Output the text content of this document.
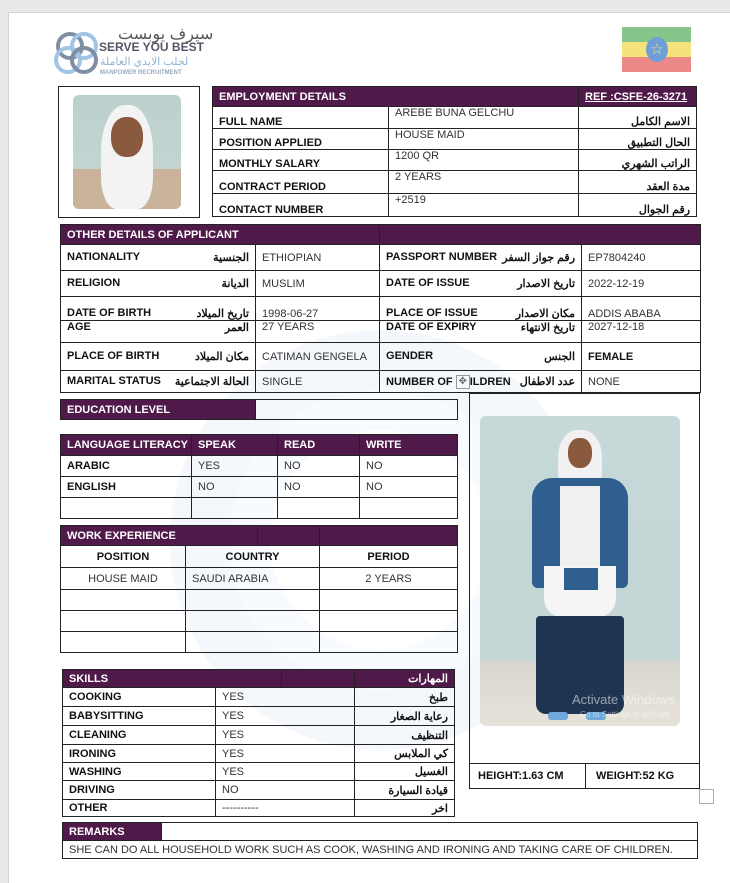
سيرف يوبست
SERVE YOU BEST
لجلب الايدي العاملة
MANPOWER RECRUITMENT
☆
EMPLOYMENT DETAILS		REF :CSFE-26-3271
FULL NAME	AREBE BUNA GELCHU	الاسم الكامل
POSITION APPLIED	HOUSE MAID	الحال التطبيق
MONTHLY SALARY	1200 QR	الراتب الشهري
CONTRACT PERIOD	2 YEARS	مدة العقد
CONTACT NUMBER	+2519	رقم الجوال
OTHER DETAILS OF APPLICANT			
NATIONALITY الجنسية	ETHIOPIAN	PASSPORT NUMBER رقم جواز السفر	EP7804240
RELIGION الديانة	MUSLIM	DATE OF ISSUE تاريخ الاصدار	2022-12-19
DATE OF BIRTH تاريخ الميلاد	1998-06-27	PLACE OF ISSUE مكان الاصدار	ADDIS ABABA
AGE العمر	27 YEARS	DATE OF EXPIRY تاريخ الانتهاء	2027-12-18
PLACE OF BIRTH مكان الميلاد	CATIMAN GENGELA	GENDER الجنس	FEMALE
MARITAL STATUS الحالة الاجتماعية	SINGLE	NUMBER OF ✥ ILDREN عدد الاطفال	NONE
EDUCATION LEVEL	
LANGUAGE LITERACY	SPEAK	READ	WRITE
ARABIC	YES	NO	NO
ENGLISH	NO	NO	NO

WORK EXPERIENCE	

POSITION	COUNTRY	PERIOD
HOUSE MAID	SAUDI ARABIA	2 YEARS

SKILLS		المهارات
COOKING	YES	طبخ
BABYSITTING	YES	رعاية الصغار
CLEANING	YES	التنظيف
IRONING	YES	كي الملابس
WASHING	YES	الغسيل
DRIVING	NO	قيادة السيارة
OTHER	----------	اخر
Activate Windows
Go to Settings to activate
HEIGHT:1.63 CM	WEIGHT:52 KG
REMARKS	
SHE CAN DO ALL HOUSEHOLD WORK SUCH AS COOK, WASHING AND IRONING AND TAKING CARE OF CHILDREN.
